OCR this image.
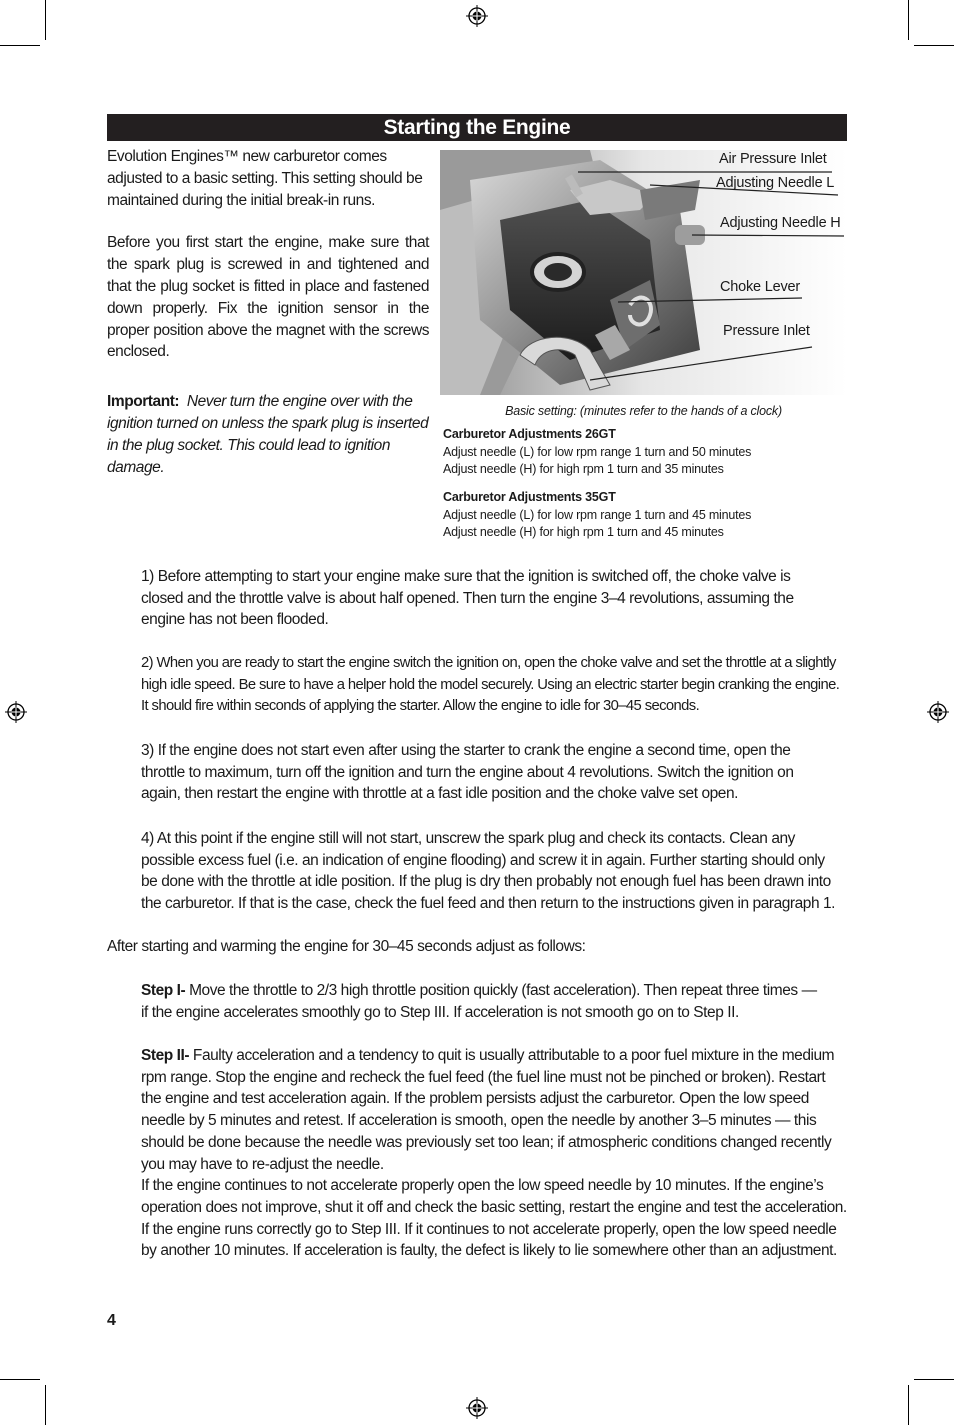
Starting the Engine

Evolution Engines™ new carburetor comes adjusted to a basic setting. This setting should be maintained during the initial break-in runs.

Before you first start the engine, make sure that the spark plug is screwed in and tightened and that the plug socket is fitted in place and fastened down properly. Fix the ignition sensor in the proper position above the magnet with the screws enclosed.

Important: Never turn the engine over with the ignition turned on unless the spark plug is inserted in the plug socket. This could lead to ignition damage.

Air Pressure Inlet
Adjusting Needle L
Adjusting Needle H
Choke Lever
Pressure Inlet
Basic setting: (minutes refer to the hands of a clock)
Carburetor Adjustments 26GT
Adjust needle (L) for low rpm range 1 turn and 50 minutes
Adjust needle (H) for high rpm 1 turn and 35 minutes
Carburetor Adjustments 35GT
Adjust needle (L) for low rpm range 1 turn and 45 minutes
Adjust needle (H) for high rpm 1 turn and 45 minutes
1) Before attempting to start your engine make sure that the ignition is switched off, the choke valve is closed and the throttle valve is about half opened. Then turn the engine 3–4 revolutions, assuming the engine has not been flooded.
2) When you are ready to start the engine switch the ignition on, open the choke valve and set the throttle at a slightly high idle speed. Be sure to have a helper hold the model securely. Using an electric starter begin cranking the engine. It should fire within seconds of applying the starter. Allow the engine to idle for 30–45 seconds.
3) If the engine does not start even after using the starter to crank the engine a second time, open the throttle to maximum, turn off the ignition and turn the engine about 4 revolutions. Switch the ignition on again, then restart the engine with throttle at a fast idle position and the choke valve set open.
4) At this point if the engine still will not start, unscrew the spark plug and check its contacts. Clean any possible excess fuel (i.e. an indication of engine flooding) and screw it in again. Further starting should only be done with the throttle at idle position. If the plug is dry then probably not enough fuel has been drawn into the carburetor. If that is the case, check the fuel feed and then return to the instructions given in paragraph 1.
After starting and warming the engine for 30–45 seconds adjust as follows:
Step I- Move the throttle to 2/3 high throttle position quickly (fast acceleration). Then repeat three times — if the engine accelerates smoothly go to Step III. If acceleration is not smooth go on to Step II.
Step II- Faulty acceleration and a tendency to quit is usually attributable to a poor fuel mixture in the medium rpm range. Stop the engine and recheck the fuel feed (the fuel line must not be pinched or broken). Restart the engine and test acceleration again. If the problem persists adjust the carburetor. Open the low speed needle by 5 minutes and retest. If acceleration is smooth, open the needle by another 3–5 minutes — this should be done because the needle was previously set too lean; if atmospheric conditions changed recently you may have to re-adjust the needle.
If the engine continues to not accelerate properly open the low speed needle by 10 minutes. If the engine’s operation does not improve, shut it off and check the basic setting, restart the engine and test the acceleration. If the engine runs correctly go to Step III. If it continues to not accelerate properly, open the low speed needle by another 10 minutes. If acceleration is faulty, the defect is likely to lie somewhere other than an adjustment.
4
